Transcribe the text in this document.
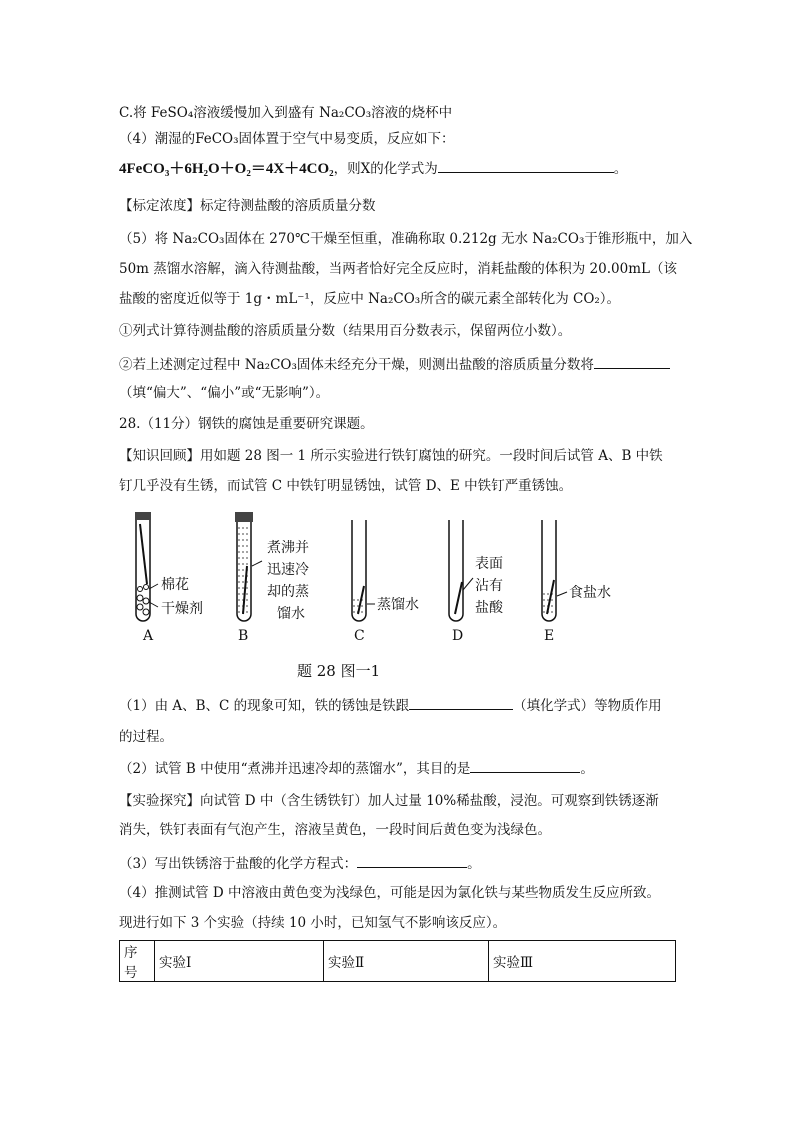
C.将 FeSO₄溶液缓慢加入到盛有 Na₂CO₃溶液的烧杯中
（4）潮湿的FeCO₃固体置于空气中易变质，反应如下：
4FeCO₃＋6H₂O＋O₂＝4X＋4CO₂，则X的化学式为	。
【标定浓度】标定待测盐酸的溶质质量分数
（5）将 Na₂CO₃固体在 270℃干燥至恒重，准确称取 0.212g 无水 Na₂CO₃于锥形瓶中，加入
50m 蒸馏水溶解，滴入待测盐酸，当两者恰好完全反应时，消耗盐酸的体积为 20.00mL（该
盐酸的密度近似等于 1g・mL⁻¹，反应中 Na₂CO₃所含的碳元素全部转化为 CO₂）。
①列式计算待测盐酸的溶质质量分数（结果用百分数表示，保留两位小数）。
②若上述测定过程中 Na₂CO₃固体未经充分干燥，则测出盐酸的溶质质量分数将
（填“偏大”、“偏小”或“无影响”）。
28.（11分）钢铁的腐蚀是重要研究课题。
【知识回顾】用如题 28 图一 1 所示实验进行铁钉腐蚀的研究。一段时间后试管 A、B 中铁
钉几乎没有生锈，而试管 C 中铁钉明显锈蚀，试管 D、E 中铁钉严重锈蚀。
棉花
干燥剂
A
煮沸并
迅速冷
却的蒸
馏水
B
蒸馏水
C
表面
沾有
盐酸
D
食盐水
E
题 28 图一1
（1）由 A、B、C 的现象可知，铁的锈蚀是铁跟	（填化学式）等物质作用
的过程。
（2）试管 B 中使用“煮沸并迅速冷却的蒸馏水”，其目的是	。
【实验探究】向试管 D 中（含生锈铁钉）加人过量 10%稀盐酸，浸泡。可观察到铁锈逐渐
消失，铁钉表面有气泡产生，溶液呈黄色，一段时间后黄色变为浅绿色。
（3）写出铁锈溶于盐酸的化学方程式：	。
（4）推测试管 D 中溶液由黄色变为浅绿色，可能是因为氯化铁与某些物质发生反应所致。
现进行如下 3 个实验（持续 10 小时，已知氢气不影响该反应）。
序号	实验Ⅰ	实验Ⅱ	实验Ⅲ
